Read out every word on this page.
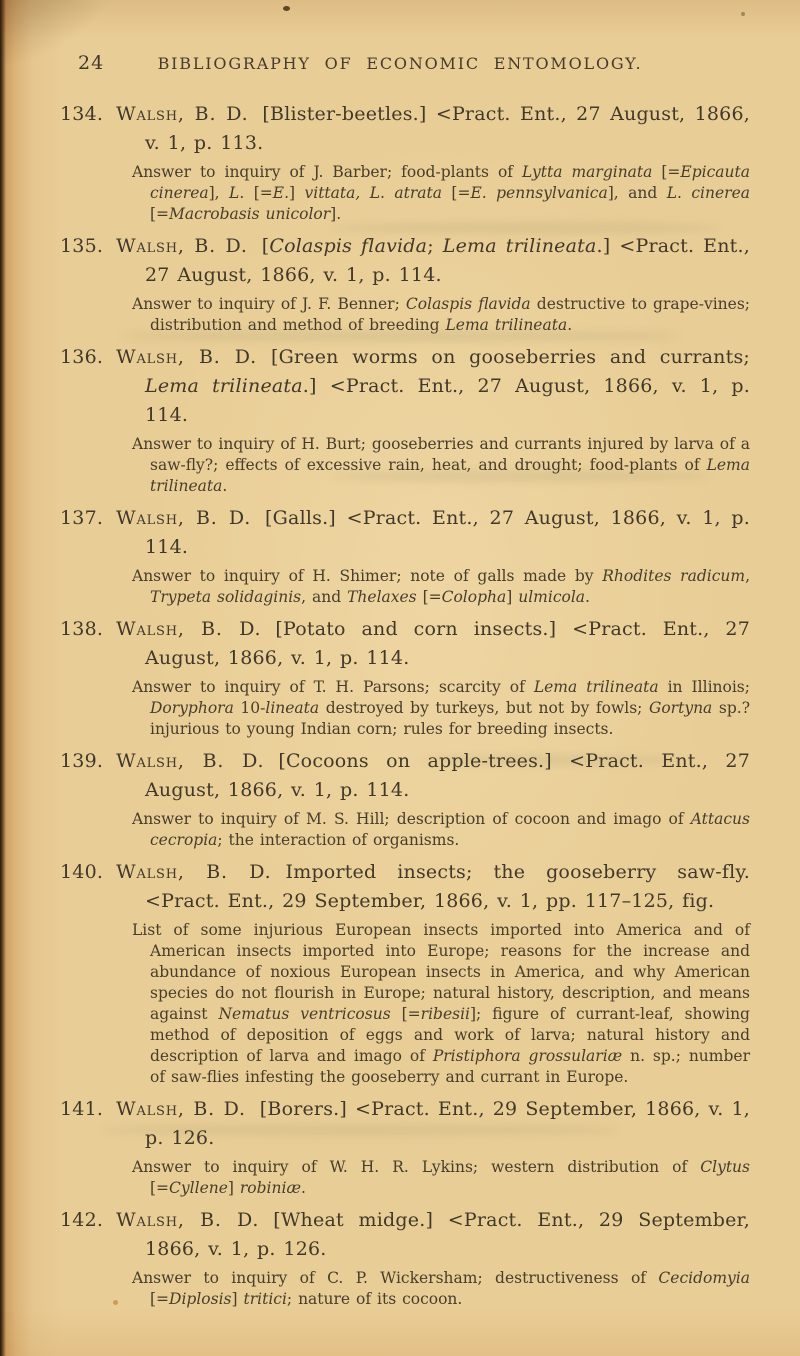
24	BIBLIOGRAPHY OF ECONOMIC ENTOMOLOGY.

134. Walsh, B. D. [Blister-beetles.] <Pract. Ent., 27 August, 1866, v. 1, p. 113.

Answer to inquiry of J. Barber; food-plants of Lytta marginata [=Epicauta cinerea], L. [=E.] vittata, L. atrata [=E. pennsylvanica], and L. cinerea [=Macrobasis unicolor].

135. Walsh, B. D. [Colaspis flavida; Lema trilineata.] <Pract. Ent., 27 August, 1866, v. 1, p. 114.

Answer to inquiry of J. F. Benner; Colaspis flavida destructive to grape-vines; distribution and method of breeding Lema trilineata.

136. Walsh, B. D. [Green worms on gooseberries and currants; Lema trilineata.] <Pract. Ent., 27 August, 1866, v. 1, p. 114.

Answer to inquiry of H. Burt; gooseberries and currants injured by larva of a saw-fly?; effects of excessive rain, heat, and drought; food-plants of Lema trilineata.

137. Walsh, B. D. [Galls.] <Pract. Ent., 27 August, 1866, v. 1, p. 114.

Answer to inquiry of H. Shimer; note of galls made by Rhodites radicum, Trypeta solidaginis, and Thelaxes [=Colopha] ulmicola.

138. Walsh, B. D. [Potato and corn insects.] <Pract. Ent., 27 August, 1866, v. 1, p. 114.

Answer to inquiry of T. H. Parsons; scarcity of Lema trilineata in Illinois; Doryphora 10-lineata destroyed by turkeys, but not by fowls; Gortyna sp.? injurious to young Indian corn; rules for breeding insects.

139. Walsh, B. D. [Cocoons on apple-trees.] <Pract. Ent., 27 August, 1866, v. 1, p. 114.

Answer to inquiry of M. S. Hill; description of cocoon and imago of Attacus cecropia; the interaction of organisms.

140. Walsh, B. D. Imported insects; the gooseberry saw-fly. <Pract. Ent., 29 September, 1866, v. 1, pp. 117–125, fig.

List of some injurious European insects imported into America and of American insects imported into Europe; reasons for the increase and abundance of noxious European insects in America, and why American species do not flourish in Europe; natural history, description, and means against Nematus ventricosus [=ribesii]; figure of currant-leaf, showing method of deposition of eggs and work of larva; natural history and description of larva and imago of Pristiphora grossulariæ n. sp.; number of saw-flies infesting the gooseberry and currant in Europe.

141. Walsh, B. D. [Borers.] <Pract. Ent., 29 September, 1866, v. 1, p. 126.

Answer to inquiry of W. H. R. Lykins; western distribution of Clytus [=Cyllene] robiniæ.

142. Walsh, B. D. [Wheat midge.] <Pract. Ent., 29 September, 1866, v. 1, p. 126.

Answer to inquiry of C. P. Wickersham; destructiveness of Cecidomyia [=Diplosis] tritici; nature of its cocoon.
